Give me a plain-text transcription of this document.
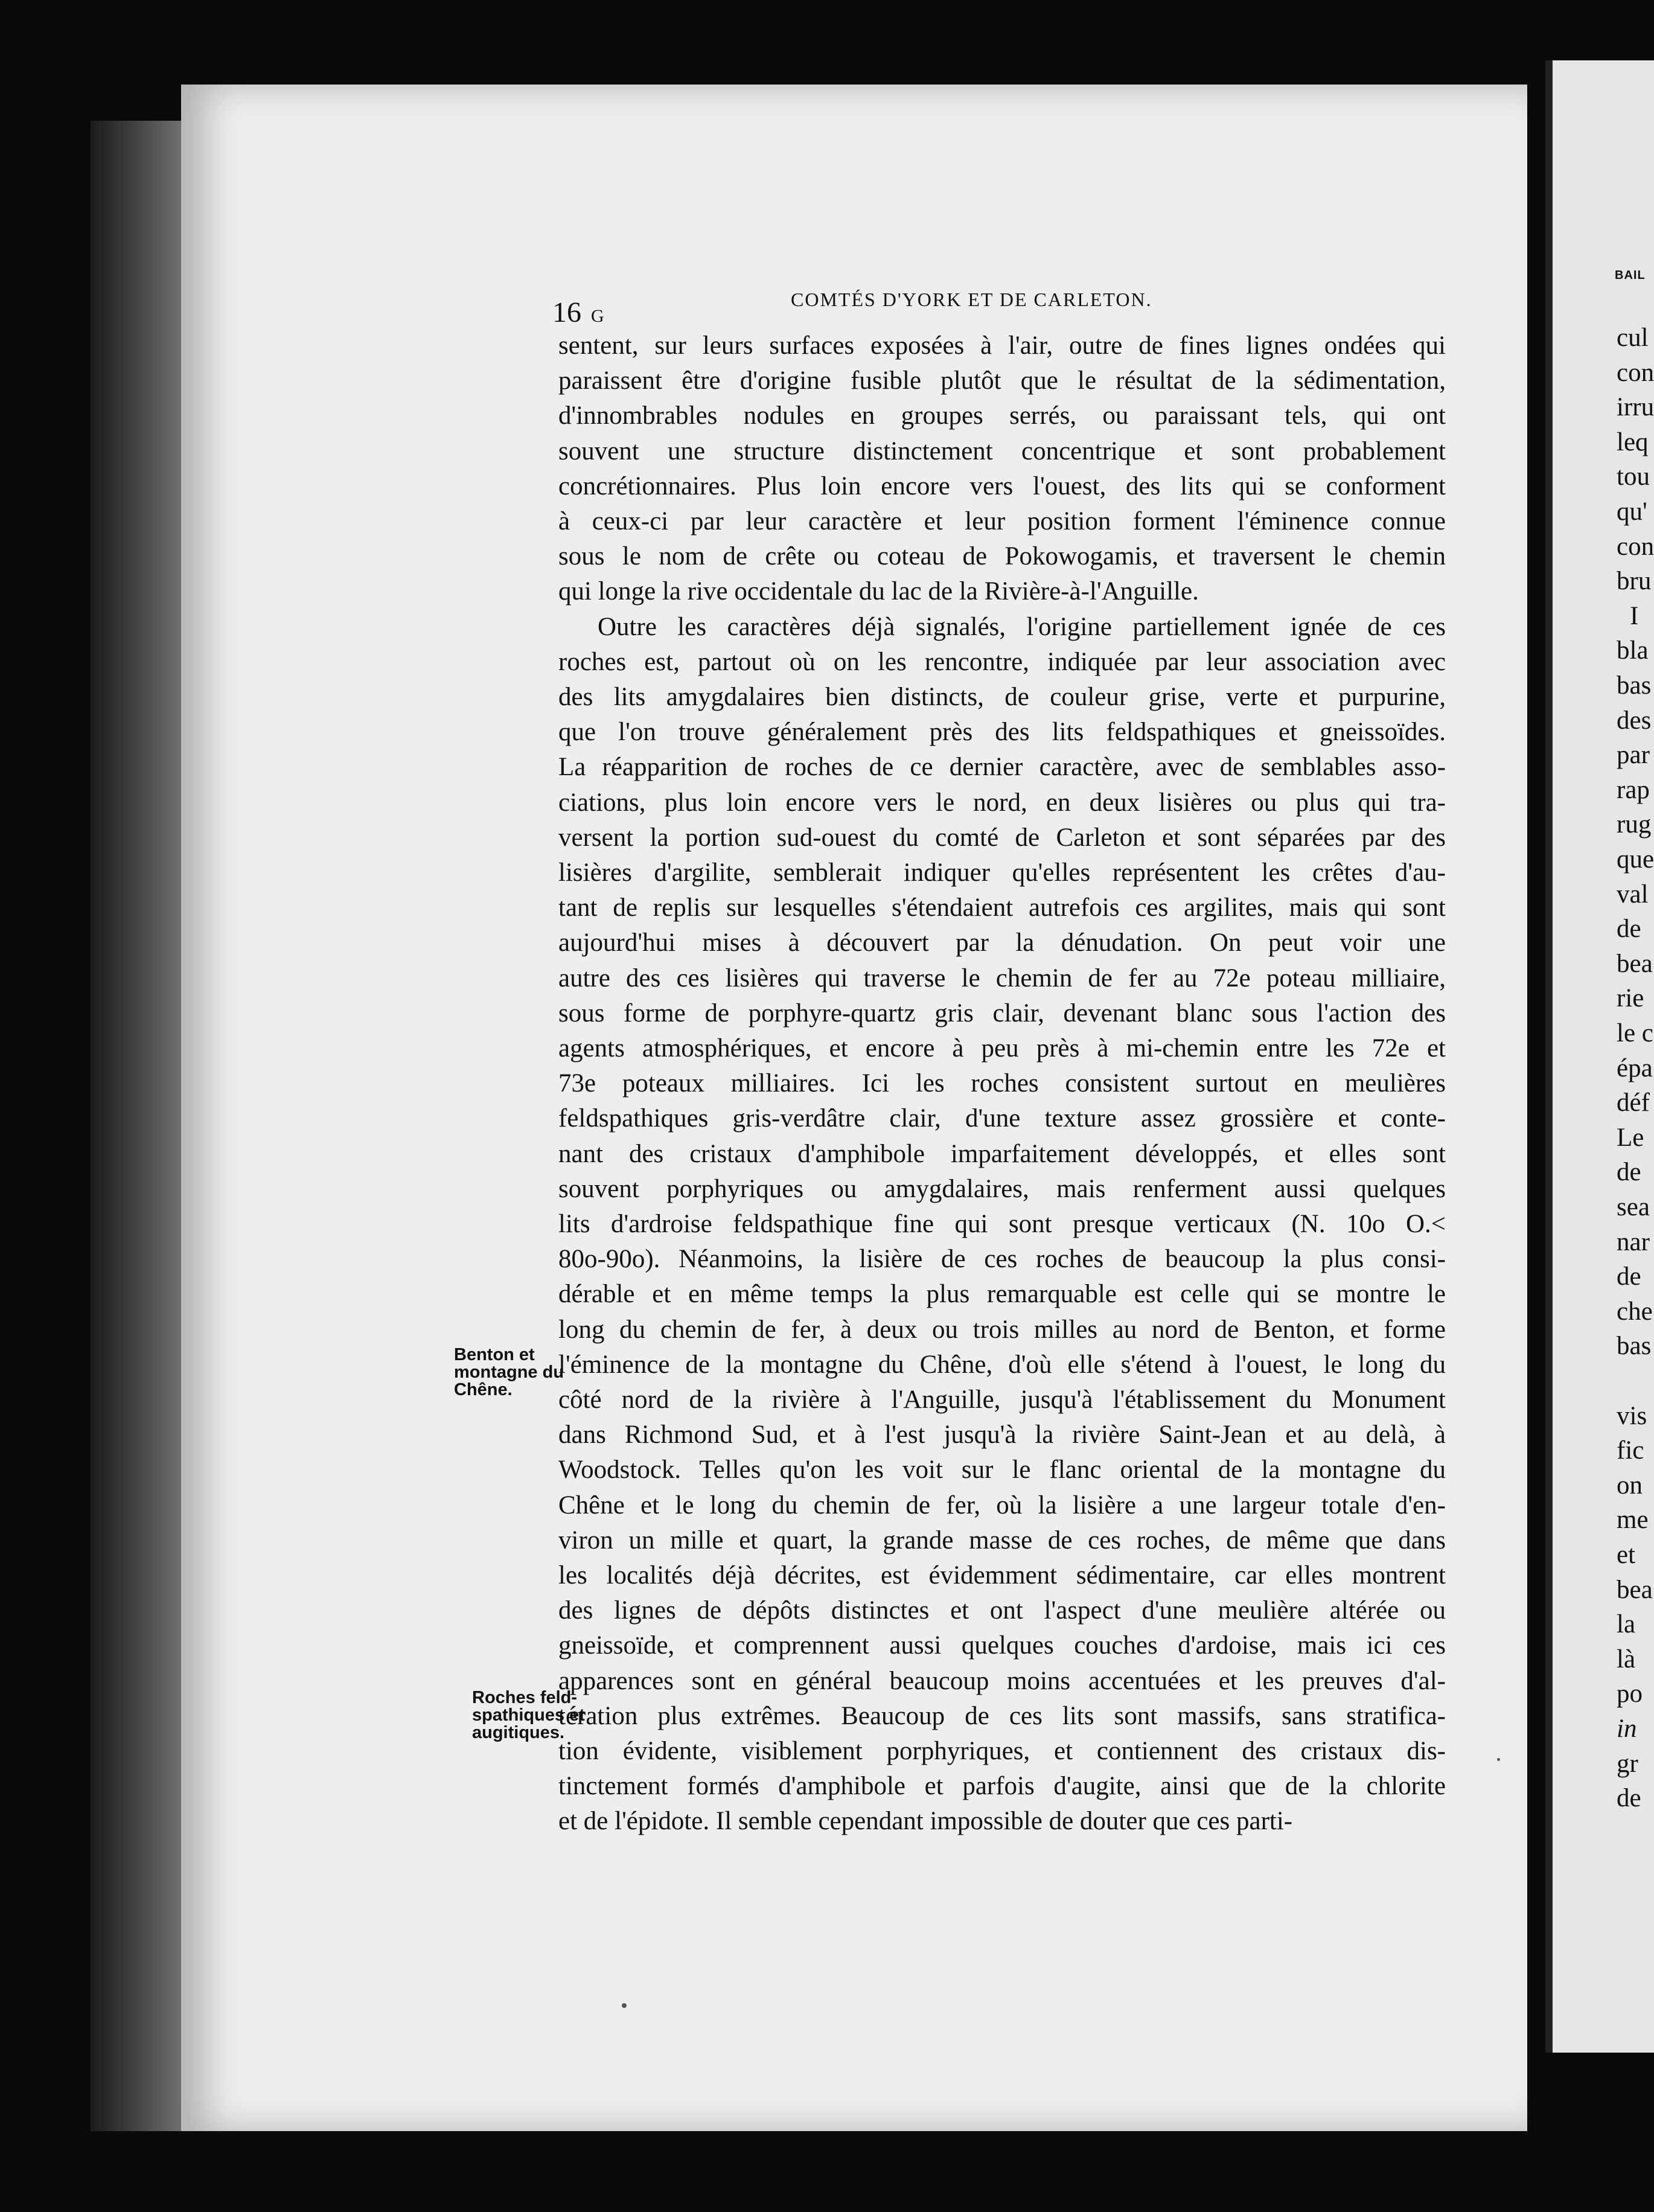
BAIL
cul
con
irru
leq
tou
qu'
con
bru
I
bla
bas
des
par
rap
rug
que
val
de
bea
rie
le c
épa
déf
Le
de
sea
nar
de
che
bas
vis
fic
on
me
et
bea
la
là
po
in
gr
de
16 G
COMTÉS D'YORK ET DE CARLETON.
sentent, sur leurs surfaces exposées à l'air, outre de fines lignes ondées qui
paraissent être d'origine fusible plutôt que le résultat de la sédimentation,
d'innombrables nodules en groupes serrés, ou paraissant tels, qui ont
souvent une structure distinctement concentrique et sont probablement
concrétionnaires. Plus loin encore vers l'ouest, des lits qui se conforment
à ceux-ci par leur caractère et leur position forment l'éminence connue
sous le nom de crête ou coteau de Pokowogamis, et traversent le chemin
qui longe la rive occidentale du lac de la Rivière-à-l'Anguille.
Outre les caractères déjà signalés, l'origine partiellement ignée de ces
roches est, partout où on les rencontre, indiquée par leur association avec
des lits amygdalaires bien distincts, de couleur grise, verte et purpurine,
que l'on trouve généralement près des lits feldspathiques et gneissoïdes.
La réapparition de roches de ce dernier caractère, avec de semblables asso-
ciations, plus loin encore vers le nord, en deux lisières ou plus qui tra-
versent la portion sud-ouest du comté de Carleton et sont séparées par des
lisières d'argilite, semblerait indiquer qu'elles représentent les crêtes d'au-
tant de replis sur lesquelles s'étendaient autrefois ces argilites, mais qui sont
aujourd'hui mises à découvert par la dénudation. On peut voir une
autre des ces lisières qui traverse le chemin de fer au 72e poteau milliaire,
sous forme de porphyre-quartz gris clair, devenant blanc sous l'action des
agents atmosphériques, et encore à peu près à mi-chemin entre les 72e et
73e poteaux milliaires. Ici les roches consistent surtout en meulières
feldspathiques gris-verdâtre clair, d'une texture assez grossière et conte-
nant des cristaux d'amphibole imparfaitement développés, et elles sont
souvent porphyriques ou amygdalaires, mais renferment aussi quelques
lits d'ardroise feldspathique fine qui sont presque verticaux (N. 10o O.<
80o-90o). Néanmoins, la lisière de ces roches de beaucoup la plus consi-
dérable et en même temps la plus remarquable est celle qui se montre le
long du chemin de fer, à deux ou trois milles au nord de Benton, et forme
l'éminence de la montagne du Chêne, d'où elle s'étend à l'ouest, le long du
côté nord de la rivière à l'Anguille, jusqu'à l'établissement du Monument
dans Richmond Sud, et à l'est jusqu'à la rivière Saint-Jean et au delà, à
Woodstock. Telles qu'on les voit sur le flanc oriental de la montagne du
Chêne et le long du chemin de fer, où la lisière a une largeur totale d'en-
viron un mille et quart, la grande masse de ces roches, de même que dans
les localités déjà décrites, est évidemment sédimentaire, car elles montrent
des lignes de dépôts distinctes et ont l'aspect d'une meulière altérée ou
gneissoïde, et comprennent aussi quelques couches d'ardoise, mais ici ces
apparences sont en général beaucoup moins accentuées et les preuves d'al-
tération plus extrêmes. Beaucoup de ces lits sont massifs, sans stratifica-
tion évidente, visiblement porphyriques, et contiennent des cristaux dis-
tinctement formés d'amphibole et parfois d'augite, ainsi que de la chlorite
et de l'épidote. Il semble cependant impossible de douter que ces parti-
Benton et
montagne du
Chêne.
Roches feld-
spathiques et
augitiques.
